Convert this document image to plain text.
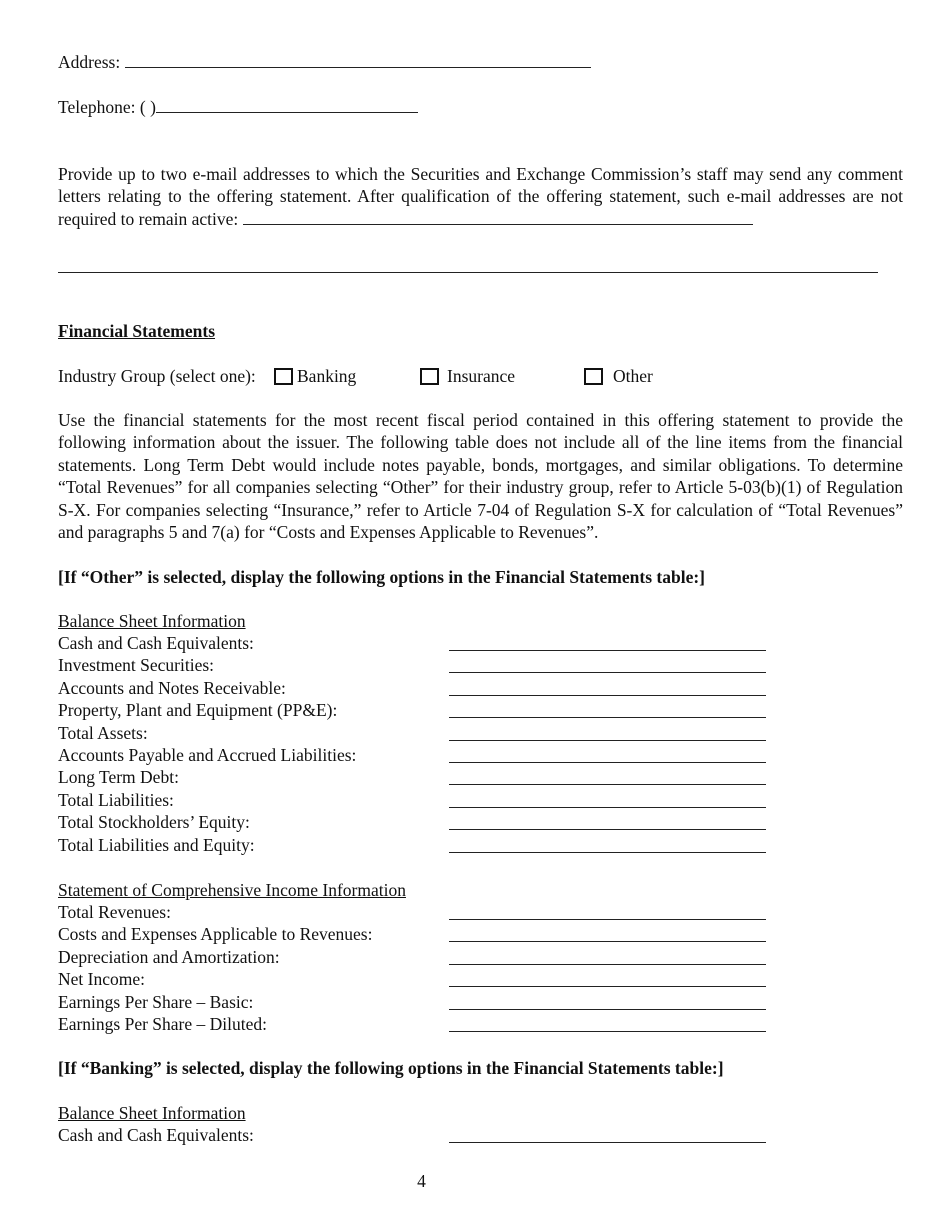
Address:
Telephone: ( )
Provide up to two e-mail addresses to which the Securities and Exchange Commission’s staff may send any comment letters relating to the offering statement. After qualification of the offering statement, such e-mail addresses are not required to remain active:
Financial Statements
Industry Group (select one):	Banking	Insurance	Other
Use the financial statements for the most recent fiscal period contained in this offering statement to provide the following information about the issuer. The following table does not include all of the line items from the financial statements. Long Term Debt would include notes payable, bonds, mortgages, and similar obligations. To determine “Total Revenues” for all companies selecting “Other” for their industry group, refer to Article 5-03(b)(1) of Regulation S-X. For companies selecting “Insurance,” refer to Article 7-04 of Regulation S-X for calculation of “Total Revenues” and paragraphs 5 and 7(a) for “Costs and Expenses Applicable to Revenues”.
[If “Other” is selected, display the following options in the Financial Statements table:]
Balance Sheet Information
Cash and Cash Equivalents:
Investment Securities:
Accounts and Notes Receivable:
Property, Plant and Equipment (PP&E):
Total Assets:
Accounts Payable and Accrued Liabilities:
Long Term Debt:
Total Liabilities:
Total Stockholders’ Equity:
Total Liabilities and Equity:
Statement of Comprehensive Income Information
Total Revenues:
Costs and Expenses Applicable to Revenues:
Depreciation and Amortization:
Net Income:
Earnings Per Share – Basic:
Earnings Per Share – Diluted:
[If “Banking” is selected, display the following options in the Financial Statements table:]
Balance Sheet Information
Cash and Cash Equivalents:
4
